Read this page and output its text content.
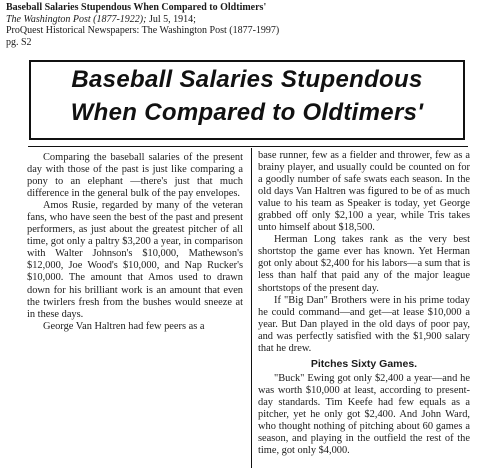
Baseball Salaries Stupendous When Compared to Oldtimers'
The Washington Post (1877-1922); Jul 5, 1914;
ProQuest Historical Newspapers: The Washington Post (1877-1997)
pg. S2
Baseball Salaries Stupendous
When Compared to Oldtimers'

Comparing the baseball salaries of the present day with those of the past is just like comparing a pony to an elephant —there's just that much difference in the general bulk of the pay envelopes.

Amos Rusie, regarded by many of the veteran fans, who have seen the best of the past and present performers, as just about the greatest pitcher of all time, got only a paltry $3,200 a year, in comparison with Walter Johnson's $10,000, Mathewson's $12,000, Joe Wood's $10,000, and Nap Rucker's $10,000. The amount that Amos used to drawn down for his brilliant work is an amount that even the twirlers fresh from the bushes would sneeze at in these days.

George Van Haltren had few peers as a

base runner, few as a fielder and thrower, few as a brainy player, and usually could be counted on for a goodly number of safe swats each season. In the old days Van Haltren was figured to be of as much value to his team as Speaker is today, yet George grabbed off only $2,100 a year, while Tris takes unto himself about $18,500.

Herman Long takes rank as the very best shortstop the game ever has known. Yet Herman got only about $2,400 for his labors—a sum that is less than half that paid any of the major league shortstops of the present day.

If "Big Dan" Brothers were in his prime today he could command—and get—at lease $10,000 a year. But Dan played in the old days of poor pay, and was perfectly satisfied with the $1,900 salary that he drew.

Pitches Sixty Games.

"Buck" Ewing got only $2,400 a year—and he was worth $10,000 at least, according to present-day standards. Tim Keefe had few equals as a pitcher, yet he only got $2,400. And John Ward, who thought nothing of pitching about 60 games a season, and playing in the outfield the rest of the time, got only $4,000.
